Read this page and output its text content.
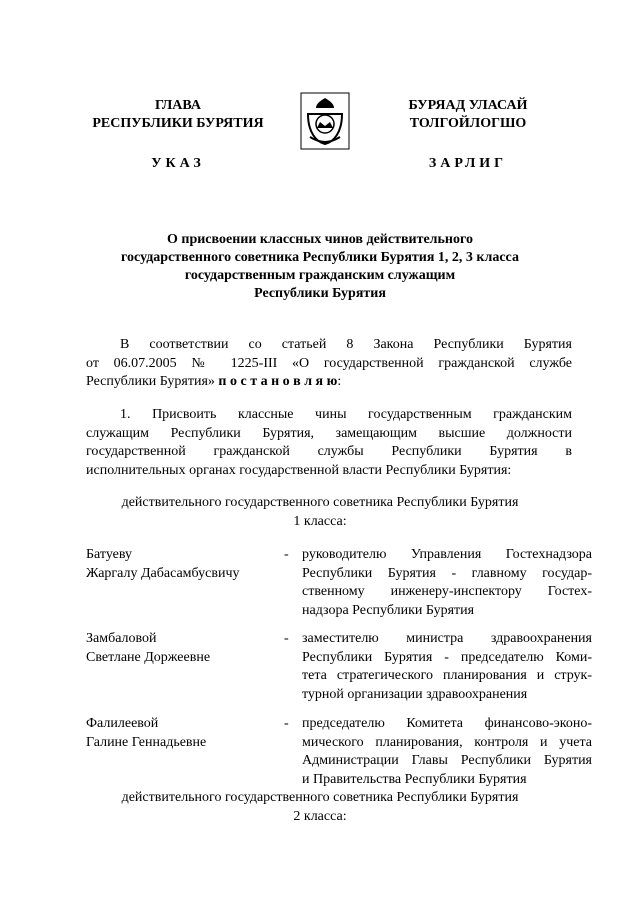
ГЛАВА
РЕСПУБЛИКИ БУРЯТИЯ
УКАЗ
БУРЯАД УЛАСАЙ
ТОЛГОЙЛОГШО
ЗАРЛИГ
О присвоении классных чинов действительного
государственного советника Республики Бурятия 1, 2, 3 класса
государственным гражданским служащим
Республики Бурятия
В соответствии со статьей 8 Закона Республики Бурятия
от 06.07.2005 № 1225-III «О государственной гражданской службе
Республики Бурятия» п о с т а н о в л я ю:
1. Присвоить классные чины государственным гражданским
служащим Республики Бурятия, замещающим высшие должности
государственной гражданской службы Республики Бурятия в
исполнительных органах государственной власти Республики Бурятия:
действительного государственного советника Республики Бурятия
1 класса:
Батуеву
Жаргалу Дабасамбусвичу
- руководителю Управления Гостехнадзора
Республики Бурятия - главному государ-
ственному инженеру-инспектору Гостех-
надзора Республики Бурятия
Замбаловой
Светлане Доржеевне
- заместителю министра здравоохранения
Республики Бурятия - председателю Коми-
тета стратегического планирования и струк-
турной организации здравоохранения
Фалилеевой
Галине Геннадьевне
- председателю Комитета финансово-эконо-
мического планирования, контроля и учета
Администрации Главы Республики Бурятия
и Правительства Республики Бурятия
действительного государственного советника Республики Бурятия
2 класса:
